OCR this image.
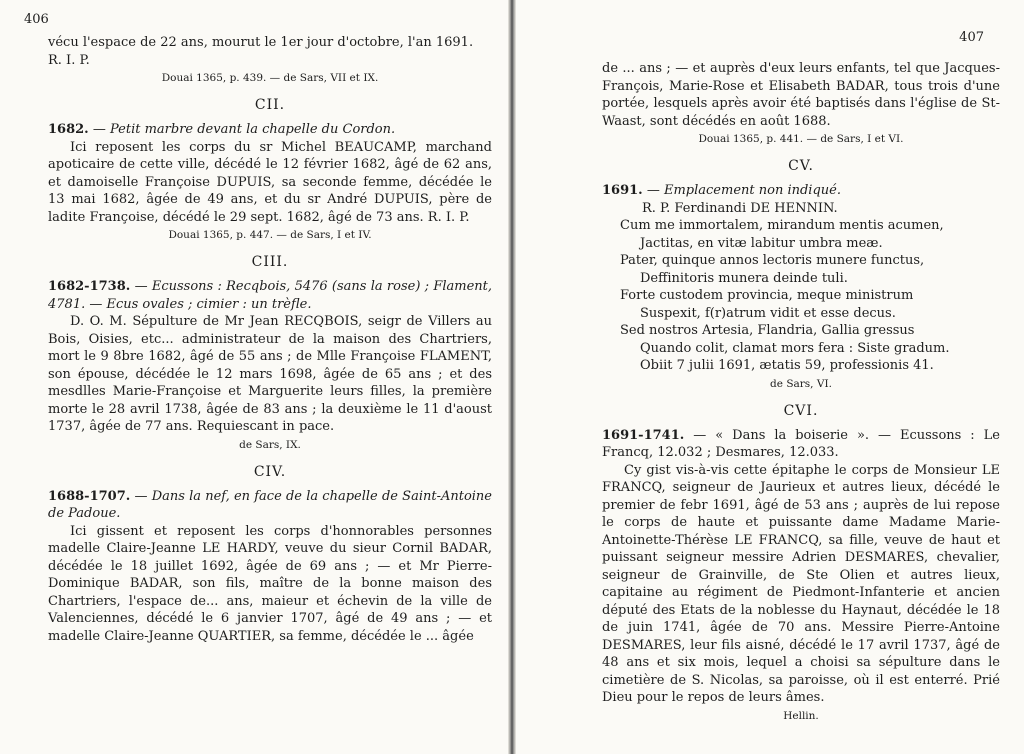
406

vécu l'espace de 22 ans, mourut le 1er jour d'octobre, l'an 1691.

R. I. P.

Douai 1365, p. 439. — de Sars, VII et IX.

CII.

1682. — Petit marbre devant la chapelle du Cordon.

Ici reposent les corps du sr Michel BEAUCAMP, marchand apoticaire de cette ville, décédé le 12 février 1682, âgé de 62 ans, et damoiselle Françoise DUPUIS, sa seconde femme, décédée le 13 mai 1682, âgée de 49 ans, et du sr André DUPUIS, père de ladite Françoise, décédé le 29 sept. 1682, âgé de 73 ans. R. I. P.

Douai 1365, p. 447. — de Sars, I et IV.

CIII.

1682-1738. — Ecussons : Recqbois, 5476 (sans la rose) ; Flament, 4781. — Ecus ovales ; cimier : un trèfle.

D. O. M. Sépulture de Mr Jean RECQBOIS, seigr de Villers au Bois, Oisies, etc... administrateur de la maison des Chartriers, mort le 9 8bre 1682, âgé de 55 ans ; de Mlle Françoise FLAMENT, son épouse, décédée le 12 mars 1698, âgée de 65 ans ; et des mesdlles Marie-Françoise et Marguerite leurs filles, la première morte le 28 avril 1738, âgée de 83 ans ; la deuxième le 11 d'aoust 1737, âgée de 77 ans. Requiescant in pace.

de Sars, IX.

CIV.

1688-1707. — Dans la nef, en face de la chapelle de Saint-Antoine de Padoue.

Ici gissent et reposent les corps d'honnorables personnes madelle Claire-Jeanne LE HARDY, veuve du sieur Cornil BADAR, décédée le 18 juillet 1692, âgée de 69 ans ; — et Mr Pierre-Dominique BADAR, son fils, maître de la bonne maison des Chartriers, l'espace de... ans, maieur et échevin de la ville de Valenciennes, décédé le 6 janvier 1707, âgé de 49 ans ; — et madelle Claire-Jeanne QUARTIER, sa femme, décédée le ... âgée

407

de ... ans ; — et auprès d'eux leurs enfants, tel que Jacques-François, Marie-Rose et Elisabeth BADAR, tous trois d'une portée, lesquels après avoir été baptisés dans l'église de St-Waast, sont décédés en août 1688.

Douai 1365, p. 441. — de Sars, I et VI.

CV.

1691. — Emplacement non indiqué.

R. P. Ferdinandi DE HENNIN.

Cum me immortalem, mirandum mentis acumen,

Jactitas, en vitæ labitur umbra meæ.

Pater, quinque annos lectoris munere functus,

Deffinitoris munera deinde tuli.

Forte custodem provincia, meque ministrum

Suspexit, f(r)atrum vidit et esse decus.

Sed nostros Artesia, Flandria, Gallia gressus

Quando colit, clamat mors fera : Siste gradum.

Obiit 7 julii 1691, ætatis 59, professionis 41.

de Sars, VI.

CVI.

1691-1741. — « Dans la boiserie ». — Ecussons : Le Francq, 12.032 ; Desmares, 12.033.

Cy gist vis-à-vis cette épitaphe le corps de Monsieur LE FRANCQ, seigneur de Jaurieux et autres lieux, décédé le premier de febr 1691, âgé de 53 ans ; auprès de lui repose le corps de haute et puissante dame Madame Marie-Antoinette-Thérèse LE FRANCQ, sa fille, veuve de haut et puissant seigneur messire Adrien DESMARES, chevalier, seigneur de Grainville, de Ste Olien et autres lieux, capitaine au régiment de Piedmont-Infanterie et ancien député des Etats de la noblesse du Haynaut, décédée le 18 de juin 1741, âgée de 70 ans. Messire Pierre-Antoine DESMARES, leur fils aisné, décédé le 17 avril 1737, âgé de 48 ans et six mois, lequel a choisi sa sépulture dans le cimetière de S. Nicolas, sa paroisse, où il est enterré. Prié Dieu pour le repos de leurs âmes.

Hellin.
